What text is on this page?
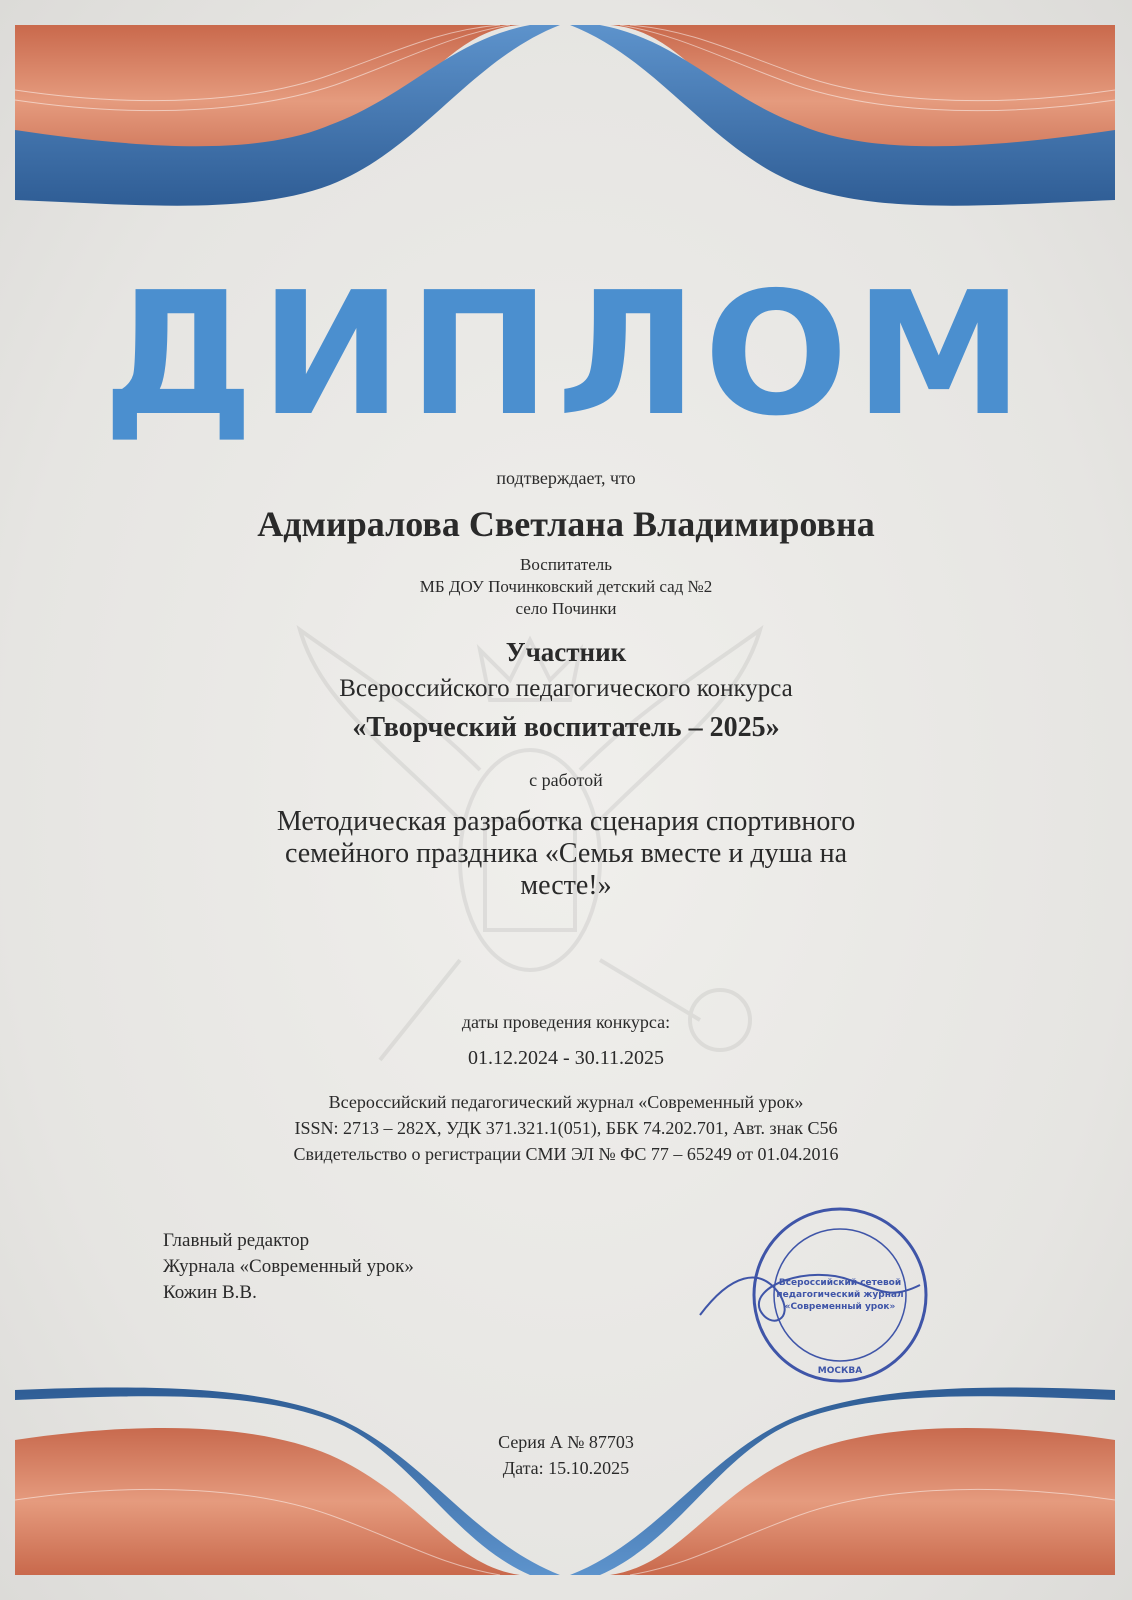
ДИПЛОМ
подтверждает, что
Адмиралова Светлана Владимировна
Воспитатель
МБ ДОУ Починковский детский сад №2
село Починки
Участник
Всероссийского педагогического конкурса
«Творческий воспитатель – 2025»
с работой
Методическая разработка сценария спортивного
семейного праздника «Семья вместе и душа на
месте!»
даты проведения конкурса:
01.12.2024 - 30.11.2025
Всероссийский педагогический журнал «Современный урок»
ISSN: 2713 – 282Х, УДК 371.321.1(051), ББК 74.202.701, Авт. знак С56
Свидетельство о регистрации СМИ ЭЛ № ФС 77 – 65249 от 01.04.2016
Главный редактор
Журнала «Современный урок»
Кожин В.В.	Всероссийский сетевой
педагогический журнал
«Современный урок»
МОСКВА
Серия А № 87703
Дата: 15.10.2025
